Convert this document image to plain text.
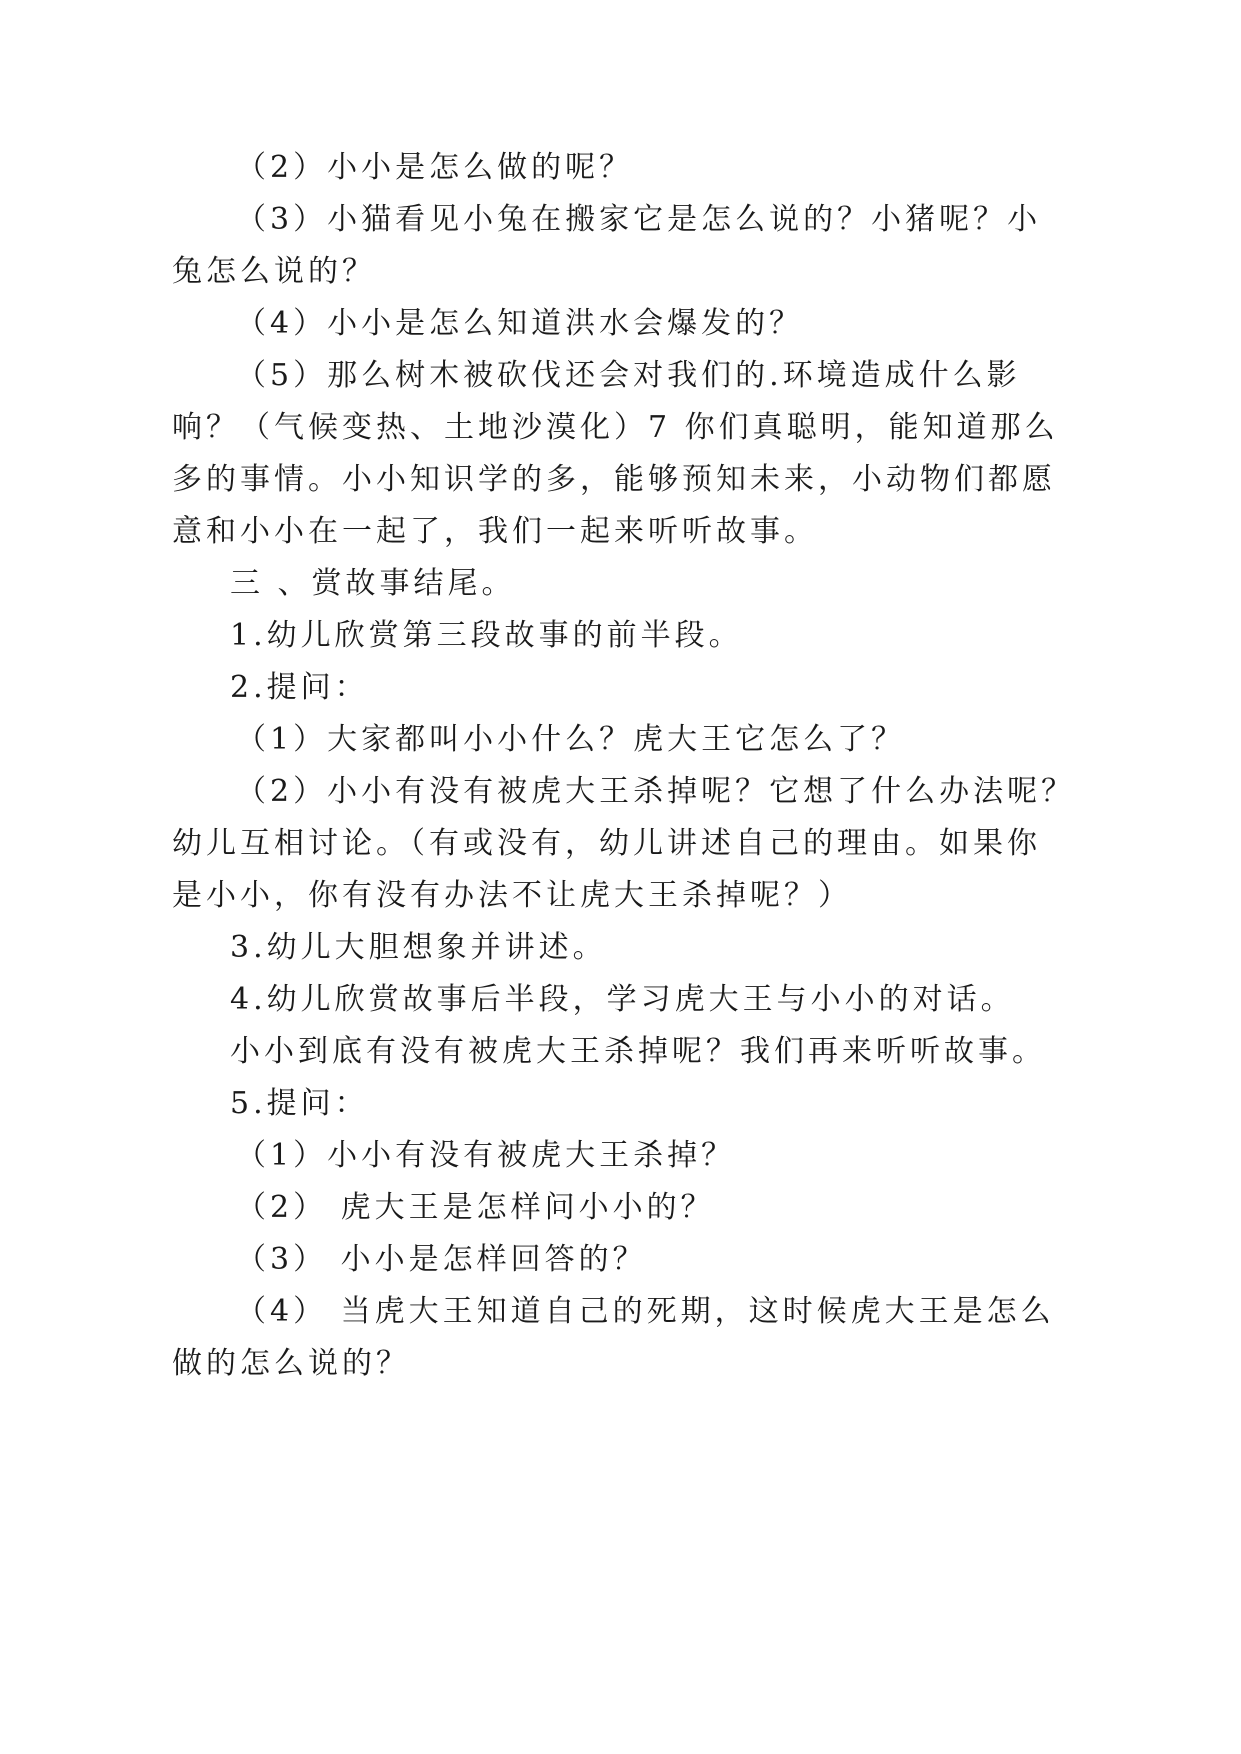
（2）小小是怎么做的呢？
（3）小猫看见小兔在搬家它是怎么说的？小猪呢？小
兔怎么说的？
（4）小小是怎么知道洪水会爆发的？
（5）那么树木被砍伐还会对我们的.环境造成什么影
响？（气候变热、土地沙漠化）7 你们真聪明，能知道那么
多的事情。小小知识学的多，能够预知未来，小动物们都愿
意和小小在一起了，我们一起来听听故事。
三 、赏故事结尾。
1.幼儿欣赏第三段故事的前半段。
2.提问：
（1）大家都叫小小什么？虎大王它怎么了？
（2）小小有没有被虎大王杀掉呢？它想了什么办法呢？
幼儿互相讨论。（有或没有，幼儿讲述自己的理由。如果你
是小小，你有没有办法不让虎大王杀掉呢？）
3.幼儿大胆想象并讲述。
4.幼儿欣赏故事后半段，学习虎大王与小小的对话。
小小到底有没有被虎大王杀掉呢？我们再来听听故事。
5.提问：
（1）小小有没有被虎大王杀掉？
（2） 虎大王是怎样问小小的？
（3） 小小是怎样回答的？
（4） 当虎大王知道自己的死期，这时候虎大王是怎么
做的怎么说的？
